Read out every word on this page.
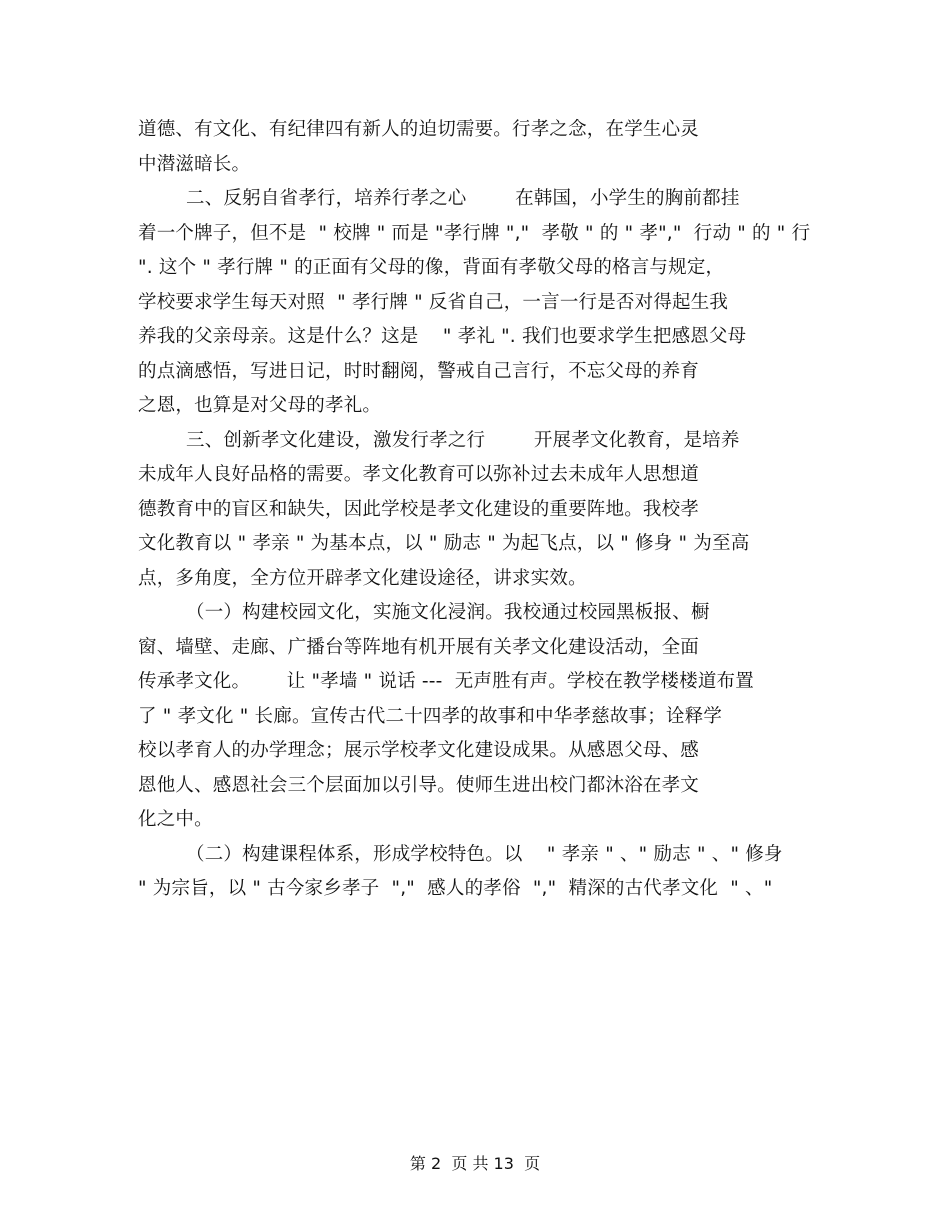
道德、有文化、有纪律四有新人的迫切需要。行孝之念，在学生心灵
中潜滋暗长。
二、反躬自省孝行，培养行孝之心        在韩国，小学生的胸前都挂
着一个牌子，但不是  " 校牌 " 而是 "孝行牌 ","  孝敬 " 的 " 孝","  行动 " 的 " 行
". 这个 " 孝行牌 " 的正面有父母的像，背面有孝敬父母的格言与规定，
学校要求学生每天对照  " 孝行牌 " 反省自己，一言一行是否对得起生我
养我的父亲母亲。这是什么？这是    " 孝礼 ". 我们也要求学生把感恩父母
的点滴感悟，写进日记，时时翻阅，警戒自己言行，不忘父母的养育
之恩，也算是对父母的孝礼。
三、创新孝文化建设，激发行孝之行        开展孝文化教育，是培养
未成年人良好品格的需要。孝文化教育可以弥补过去未成年人思想道
德教育中的盲区和缺失，因此学校是孝文化建设的重要阵地。我校孝
文化教育以 " 孝亲 " 为基本点，以 " 励志 " 为起飞点，以 " 修身 " 为至高
点，多角度，全方位开辟孝文化建设途径，讲求实效。
（一）构建校园文化，实施文化浸润。我校通过校园黑板报、橱
窗、墙壁、走廊、广播台等阵地有机开展有关孝文化建设活动，全面
传承孝文化。      让 "孝墙 " 说话 ---  无声胜有声。学校在教学楼楼道布置
了 " 孝文化 " 长廊。宣传古代二十四孝的故事和中华孝慈故事；诠释学
校以孝育人的办学理念；展示学校孝文化建设成果。从感恩父母、感
恩他人、感恩社会三个层面加以引导。使师生进出校门都沐浴在孝文
化之中。
（二）构建课程体系，形成学校特色。以    " 孝亲 " 、" 励志 " 、" 修身
" 为宗旨，以 " 古今家乡孝子  ","  感人的孝俗  ","  精深的古代孝文化  " 、"
第 2  页 共 13  页
